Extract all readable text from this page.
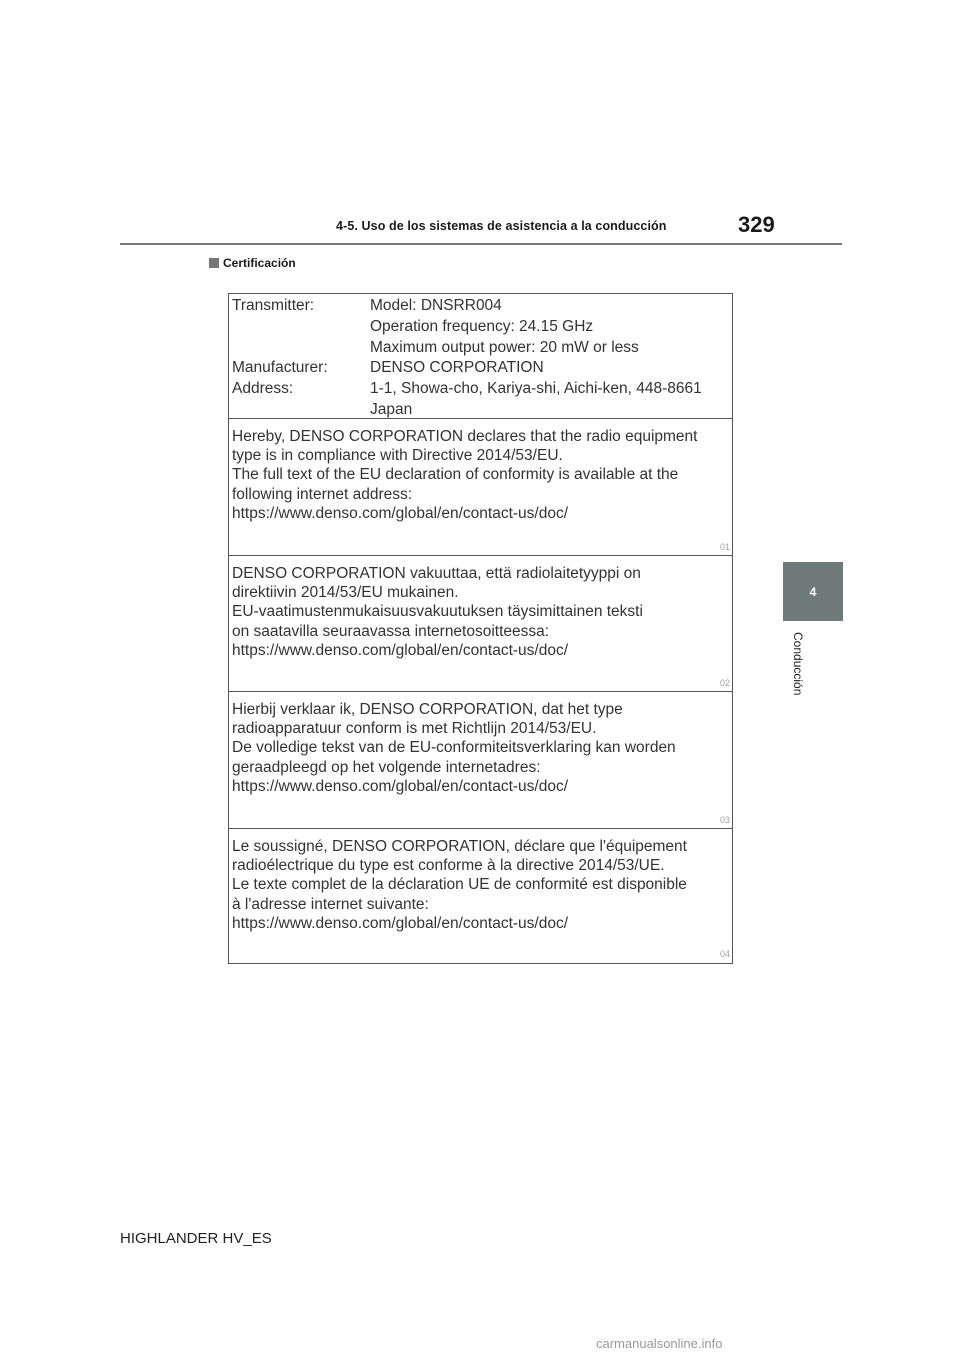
4-5. Uso de los sistemas de asistencia a la conducción	329
Certificación
4
Conducción
Transmitter:	Model: DNSRR004
Operation frequency: 24.15 GHz
Maximum output power: 20 mW or less
Manufacturer:	DENSO CORPORATION
Address:	1-1, Showa-cho, Kariya-shi, Aichi-ken, 448-8661
Japan
Hereby, DENSO CORPORATION declares that the radio equipment
type is in compliance with Directive 2014/53/EU.
The full text of the EU declaration of conformity is available at the
following internet address:
https://www.denso.com/global/en/contact-us/doc/
01
DENSO CORPORATION vakuuttaa, että radiolaitetyyppi on
direktiivin 2014/53/EU mukainen.
EU-vaatimustenmukaisuusvakuutuksen täysimittainen teksti
on saatavilla seuraavassa internetosoitteessa:
https://www.denso.com/global/en/contact-us/doc/
02
Hierbij verklaar ik, DENSO CORPORATION, dat het type
radioapparatuur conform is met Richtlijn 2014/53/EU.
De volledige tekst van de EU-conformiteitsverklaring kan worden
geraadpleegd op het volgende internetadres:
https://www.denso.com/global/en/contact-us/doc/
03
Le soussigné, DENSO CORPORATION, déclare que l'équipement
radioélectrique du type est conforme à la directive 2014/53/UE.
Le texte complet de la déclaration UE de conformité est disponible
à l'adresse internet suivante:
https://www.denso.com/global/en/contact-us/doc/
04
HIGHLANDER HV_ES
carmanualsonline.info
